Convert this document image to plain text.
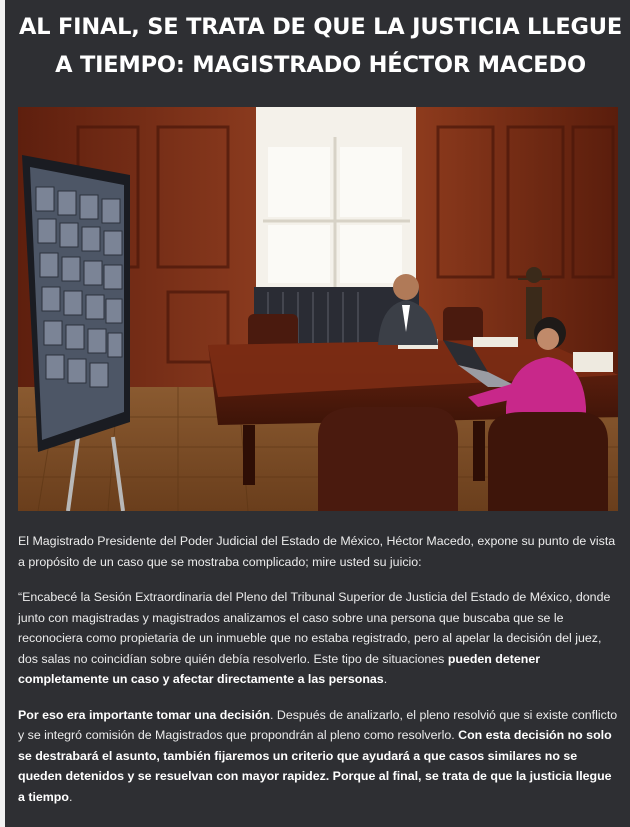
AL FINAL, SE TRATA DE QUE LA JUSTICIA LLEGUE A TIEMPO: MAGISTRADO HÉCTOR MACEDO

El Magistrado Presidente del Poder Judicial del Estado de México, Héctor Macedo, expone su punto de vista a propósito de un caso que se mostraba complicado; mire usted su juicio:

“Encabecé la Sesión Extraordinaria del Pleno del Tribunal Superior de Justicia del Estado de México, donde junto con magistradas y magistrados analizamos el caso sobre una persona que buscaba que se le reconociera como propietaria de un inmueble que no estaba registrado, pero al apelar la decisión del juez, dos salas no coincidían sobre quién debía resolverlo. Este tipo de situaciones pueden detener completamente un caso y afectar directamente a las personas.

Por eso era importante tomar una decisión. Después de analizarlo, el pleno resolvió que si existe conflicto y se integró comisión de Magistrados que propondrán al pleno como resolverlo. Con esta decisión no solo se destrabará el asunto, también fijaremos un criterio que ayudará a que casos similares no se queden detenidos y se resuelvan con mayor rapidez. Porque al final, se trata de que la justicia llegue a tiempo.
